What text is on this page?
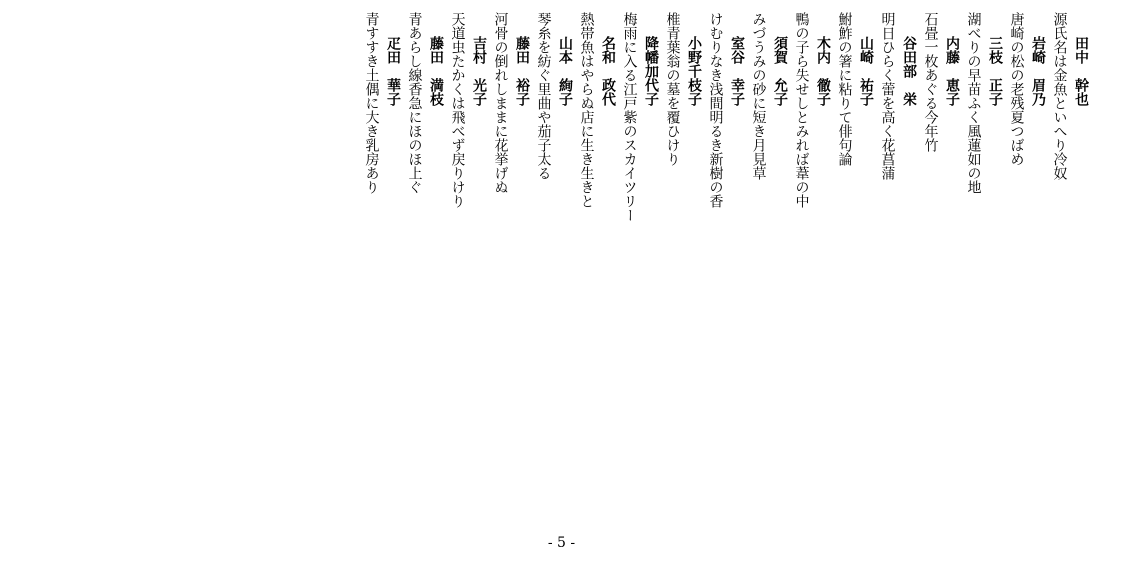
田中　幹也
源氏名は金魚といへり冷奴
岩崎　眉乃
唐崎の松の老残夏つばめ
三枝　正子
湖べりの早苗ふく風蓮如の地
内藤　恵子
石畳一枚あぐる今年竹
谷田部　栄
明日ひらく蕾を高く花菖蒲
山崎　祐子
鮒鮓の箸に粘りて俳句論
木内　徹子
鴨の子ら失せしとみれば葦の中
須賀　允子
みづうみの砂に短き月見草
室谷　幸子
けむりなき浅間明るき新樹の香
小野千枝子
椎青葉翁の墓を覆ひけり
降幡加代子
梅雨に入る江戸紫のスカイツリー
名和　政代
熱帯魚はやらぬ店に生き生きと
山本　絢子
琴糸を紡ぐ里曲や茄子太る
藤田　裕子
河骨の倒れしままに花挙げぬ
吉村　光子
天道虫たかくは飛べず戻りけり
藤田　満枝
青あらし線香急にほのほ上ぐ
疋田　華子
青すすき土偶に大き乳房あり
- 5 -
